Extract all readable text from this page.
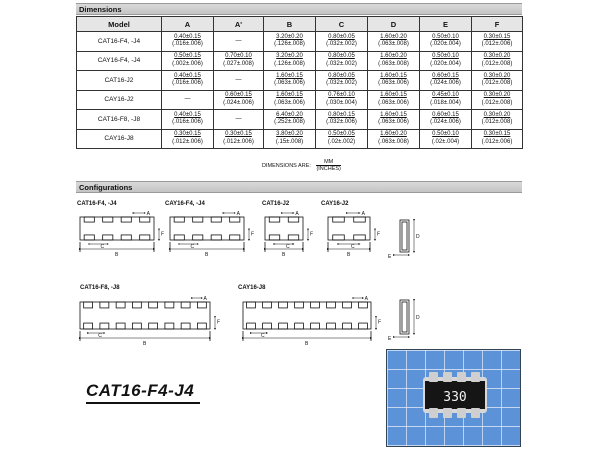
Dimensions
Model	A	A'	B	C	D	E	F
CAT16-F4, -J4	0.40±0.15
(.016±.006)	—	3.20±0.20
(.126±.008)	0.80±0.05
(.032±.002)	1.60±0.20
(.063±.008)	0.50±0.10
(.020±.004)	0.30±0.15
(.012±.006)

CAY16-F4, -J4	0.50±0.15
(.002±.006)	0.70±0.10
(.027±.008)	3.20±0.20
(.126±.008)	0.80±0.05
(.032±.002)	1.60±0.20
(.063±.008)	0.50±0.10
(.020±.004)	0.30±0.20
(.012±.008)

CAT16-J2	0.40±0.15
(.016±.006)	—	1.60±0.15
(.063±.006)	0.80±0.05
(.032±.002)	1.60±0.15
(.063±.006)	0.60±0.15
(.024±.006)	0.30±0.20
(.012±.008)

CAY16-J2	—	0.60±0.15
(.024±.006)	1.60±0.15
(.063±.006)	0.76±0.10
(.030±.004)	1.60±0.15
(.063±.006)	0.45±0.10
(.018±.004)	0.30±0.20
(.012±.008)

CAT16-F8, -J8	0.40±0.15
(.016±.006)	—	6.40±0.20
(.252±.008)	0.80±0.15
(.032±.006)	1.60±0.15
(.063±.006)	0.60±0.15
(.024±.006)	0.30±0.20
(.012±.008)

CAY16-J8	0.30±0.15
(.012±.006)	0.30±0.15
(.012±.006)	3.80±0.20
(.15±.008)	0.50±0.05
(.02±.002)	1.60±0.20
(.063±.008)	0.50±0.10
(.02±.004)	0.30±0.15
(.012±.006)
DIMENSIONS ARE: $\frac{MM}{\text{(INCHES)}}$
Configurations
CAT16-F4, -J4	CAY16-F4, -J4	CAT16-J2	CAY16-J2
CAT16-F8, -J8	CAY16-J8
B
C
F
A
B
C
F
A
B
C
F
A
B
C
F
A
B
C
F
A
B
C
F
A
D
E
D
E
CAT16-F4-J4	330
